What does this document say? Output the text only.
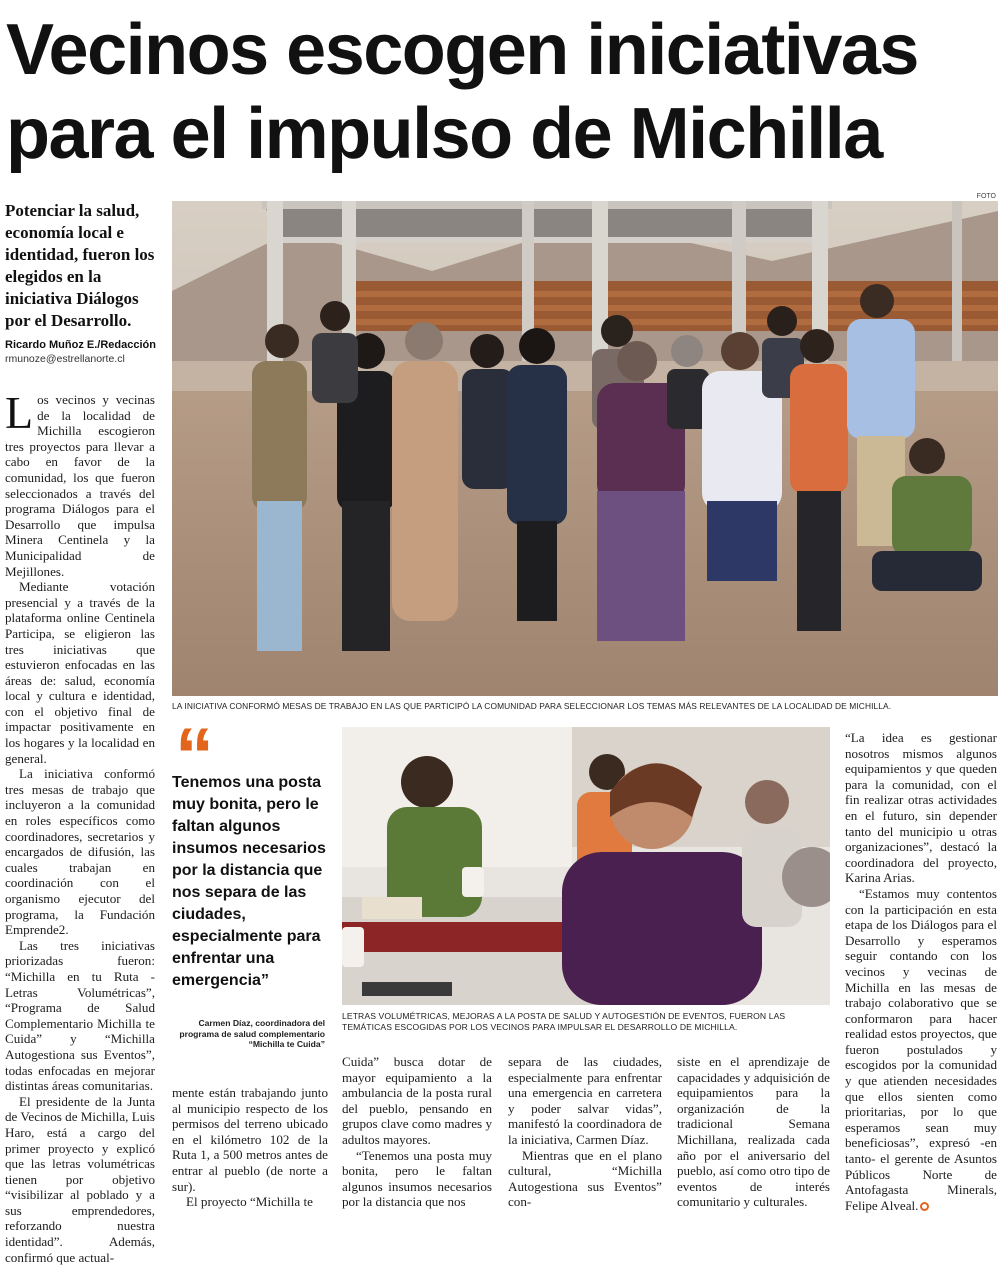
Vecinos escogen iniciativas
para el impulso de Michilla
Potenciar la salud, economía local e identidad, fueron los elegidos en la iniciativa Diálogos por el Desarrollo.
Ricardo Muñoz E./Redacción
rmunoze@estrellanorte.cl
FOTO
LA INICIATIVA CONFORMÓ MESAS DE TRABAJO EN LAS QUE PARTICIPÓ LA COMUNIDAD PARA SELECCIONAR LOS TEMAS MÁS RELEVANTES DE LA LOCALIDAD DE MICHILLA.
LETRAS VOLUMÉTRICAS, MEJORAS A LA POSTA DE SALUD Y AUTOGESTIÓN DE EVENTOS, FUERON LAS TEMÁTICAS ESCOGIDAS POR LOS VECINOS PARA IMPULSAR EL DESARROLLO DE MICHILLA.
“
Tenemos una posta muy bonita, pero le faltan algunos insumos necesarios por la distancia que nos separa de las ciudades, especialmente para enfrentar una emergencia”
Carmen Díaz, coordinadora del programa de salud complementario “Michilla te Cuida”

Los vecinos y vecinas de la localidad de Michilla escogieron tres proyectos para llevar a cabo en favor de la comunidad, los que fueron seleccionados a través del programa Diálogos para el Desarrollo que impulsa Minera Centinela y la Municipalidad de Mejillones.

Mediante votación presencial y a través de la plataforma online Centinela Participa, se eligieron las tres iniciativas que estuvieron enfocadas en las áreas de: salud, economía local y cultura e identidad, con el objetivo final de impactar positivamente en los hogares y la localidad en general.

La iniciativa conformó tres mesas de trabajo que incluyeron a la comunidad en roles específicos como coordinadores, secretarios y encargados de difusión, las cuales trabajan en coordinación con el organismo ejecutor del programa, la Fundación Emprende2.

Las tres iniciativas priorizadas fueron: “Michilla en tu Ruta - Letras Volumétricas”, “Programa de Salud Complementario Michilla te Cuida” y “Michilla Autogestiona sus Eventos”, todas enfocadas en mejorar distintas áreas comunitarias.

El presidente de la Junta de Vecinos de Michilla, Luis Haro, está a cargo del primer proyecto y explicó que las letras volumétricas tienen por objetivo “visibilizar al poblado y a sus emprendedores, reforzando nuestra identidad”. Además, confirmó que actual-

mente están trabajando junto al municipio respecto de los permisos del terreno ubicado en el kilómetro 102 de la Ruta 1, a 500 metros antes de entrar al pueblo (de norte a sur).

El proyecto “Michilla te

Cuida” busca dotar de mayor equipamiento a la ambulancia de la posta rural del pueblo, pensando en grupos clave como madres y adultos mayores.

“Tenemos una posta muy bonita, pero le faltan algunos insumos necesarios por la distancia que nos

separa de las ciudades, especialmente para enfrentar una emergencia en carretera y poder salvar vidas”, manifestó la coordinadora de la iniciativa, Carmen Díaz.

Mientras que en el plano cultural, “Michilla Autogestiona sus Eventos” con-

siste en el aprendizaje de capacidades y adquisición de equipamientos para la organización de la tradicional Semana Michillana, realizada cada año por el aniversario del pueblo, así como otro tipo de eventos de interés comunitario y culturales.

“La idea es gestionar nosotros mismos algunos equipamientos y que queden para la comunidad, con el fin realizar otras actividades en el futuro, sin depender tanto del municipio u otras organizaciones”, destacó la coordinadora del proyecto, Karina Arias.

“Estamos muy contentos con la participación en esta etapa de los Diálogos para el Desarrollo y esperamos seguir contando con los vecinos y vecinas de Michilla en las mesas de trabajo colaborativo que se conformaron para hacer realidad estos proyectos, que fueron postulados y escogidos por la comunidad y que atienden necesidades que ellos sienten como prioritarias, por lo que esperamos sean muy beneficiosas”, expresó -en tanto- el gerente de Asuntos Públicos Norte de Antofagasta Minerals, Felipe Alveal.
